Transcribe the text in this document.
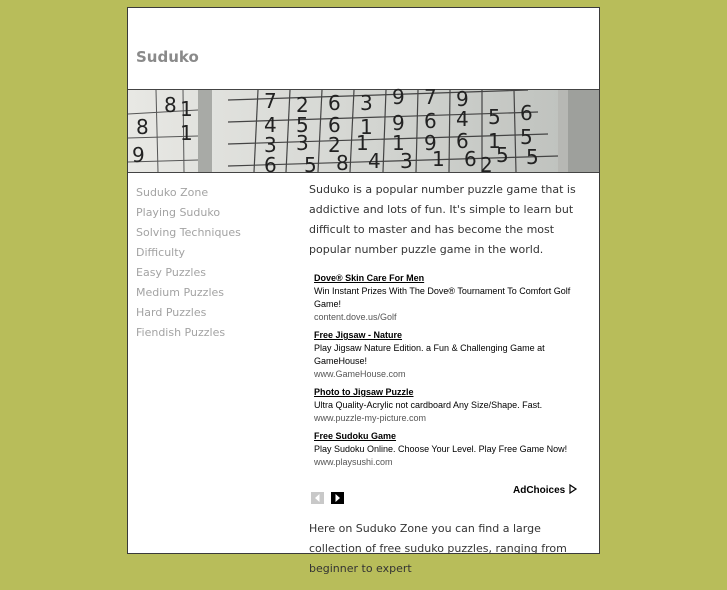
Suduko
8 1
1
9
7	9
6 3
2	7 9
4 5 6 1 9 6 4 5 6
3 3 2 1 1 9 6 1 5
6 5 8 4 3 1 6 5 5
8
2
Suduko Zone
Playing Suduko
Solving Techniques
Difficulty
Easy Puzzles
Medium Puzzles
Hard Puzzles
Fiendish Puzzles

Suduko is a popular number puzzle game that is addictive and lots of fun. It's simple to learn but difficult to master and has become the most popular number puzzle game in the world.

Dove® Skin Care For Men
Win Instant Prizes With The Dove® Tournament To Comfort Golf Game!
content.dove.us/Golf
Free Jigsaw - Nature
Play Jigsaw Nature Edition. a Fun & Challenging Game at GameHouse!
www.GameHouse.com
Photo to Jigsaw Puzzle
Ultra Quality-Acrylic not cardboard Any Size/Shape. Fast.
www.puzzle-my-picture.com
Free Sudoku Game
Play Sudoku Online. Choose Your Level. Play Free Game Now!
www.playsushi.com

AdChoices

Here on Suduko Zone you can find a large collection of free suduko puzzles, ranging from beginner to expert
